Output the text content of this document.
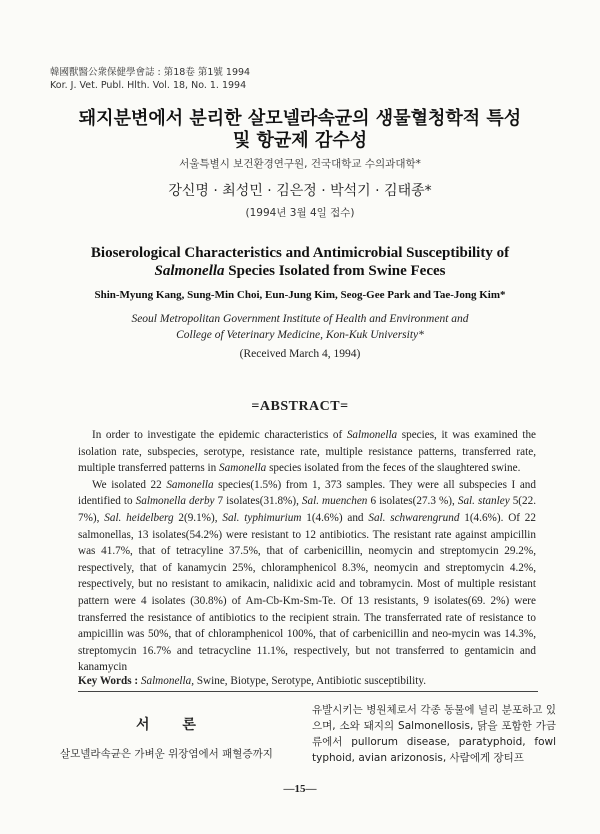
韓國獸醫公衆保健學會誌 : 第18卷 第1號 1994
Kor. J. Vet. Publ. Hlth. Vol. 18, No. 1. 1994
돼지분변에서 분리한 살모넬라속균의 생물혈청학적 특성
및 항균제 감수성
서울특별시 보건환경연구원, 건국대학교 수의과대학*
강신명 · 최성민 · 김은정 · 박석기 · 김태종*
(1994년 3월 4일 접수)
Bioserological Characteristics and Antimicrobial Susceptibility of
Salmonella Species Isolated from Swine Feces
Shin-Myung Kang, Sung-Min Choi, Eun-Jung Kim, Seog-Gee Park and Tae-Jong Kim*
Seoul Metropolitan Government Institute of Health and Environment and
College of Veterinary Medicine, Kon-Kuk University*
(Received March 4, 1994)
=ABSTRACT=

In order to investigate the epidemic characteristics of Salmonella species, it was examined the isolation rate, subspecies, serotype, resistance rate, multiple resistance patterns, transferred rate, multiple transferred patterns in Samonella species isolated from the feces of the slaughtered swine.

We isolated 22 Samonella species(1.5%) from 1, 373 samples. They were all subspecies I and identified to Salmonella derby 7 isolates(31.8%), Sal. muenchen 6 isolates(27.3 %), Sal. stanley 5(22. 7%), Sal. heidelberg 2(9.1%), Sal. typhimurium 1(4.6%) and Sal. schwarengrund 1(4.6%). Of 22 salmonellas, 13 isolates(54.2%) were resistant to 12 antibiotics. The resistant rate against ampicillin was 41.7%, that of tetracyline 37.5%, that of carbenicillin, neomycin and streptomycin 29.2%, respectively, that of kanamycin 25%, chloramphenicol 8.3%, neomycin and streptomycin 4.2%, respectively, but no resistant to amikacin, nalidixic acid and tobramycin. Most of multiple resistant pattern were 4 isolates (30.8%) of Am-Cb-Km-Sm-Te. Of 13 resistants, 9 isolates(69. 2%) were transferred the resistance of antibiotics to the recipient strain. The transferrated rate of resistance to ampicillin was 50%, that of chloramphenicol 100%, that of carbenicillin and neo-mycin was 14.3%, streptomycin 16.7% and tetracycline 11.1%, respectively, but not transferred to gentamicin and kanamycin

Key Words : Salmonella, Swine, Biotype, Serotype, Antibiotic susceptibility.
서 론
살모넬라속균은 가벼운 위장염에서 패혈증까지
유발시키는 병원체로서 각종 동물에 널리 분포하고 있으며, 소와 돼지의 Salmonellosis, 닭을 포함한 가금류에서 pullorum disease, paratyphoid, fowl typhoid, avian arizonosis, 사람에게 장티프
—15—
